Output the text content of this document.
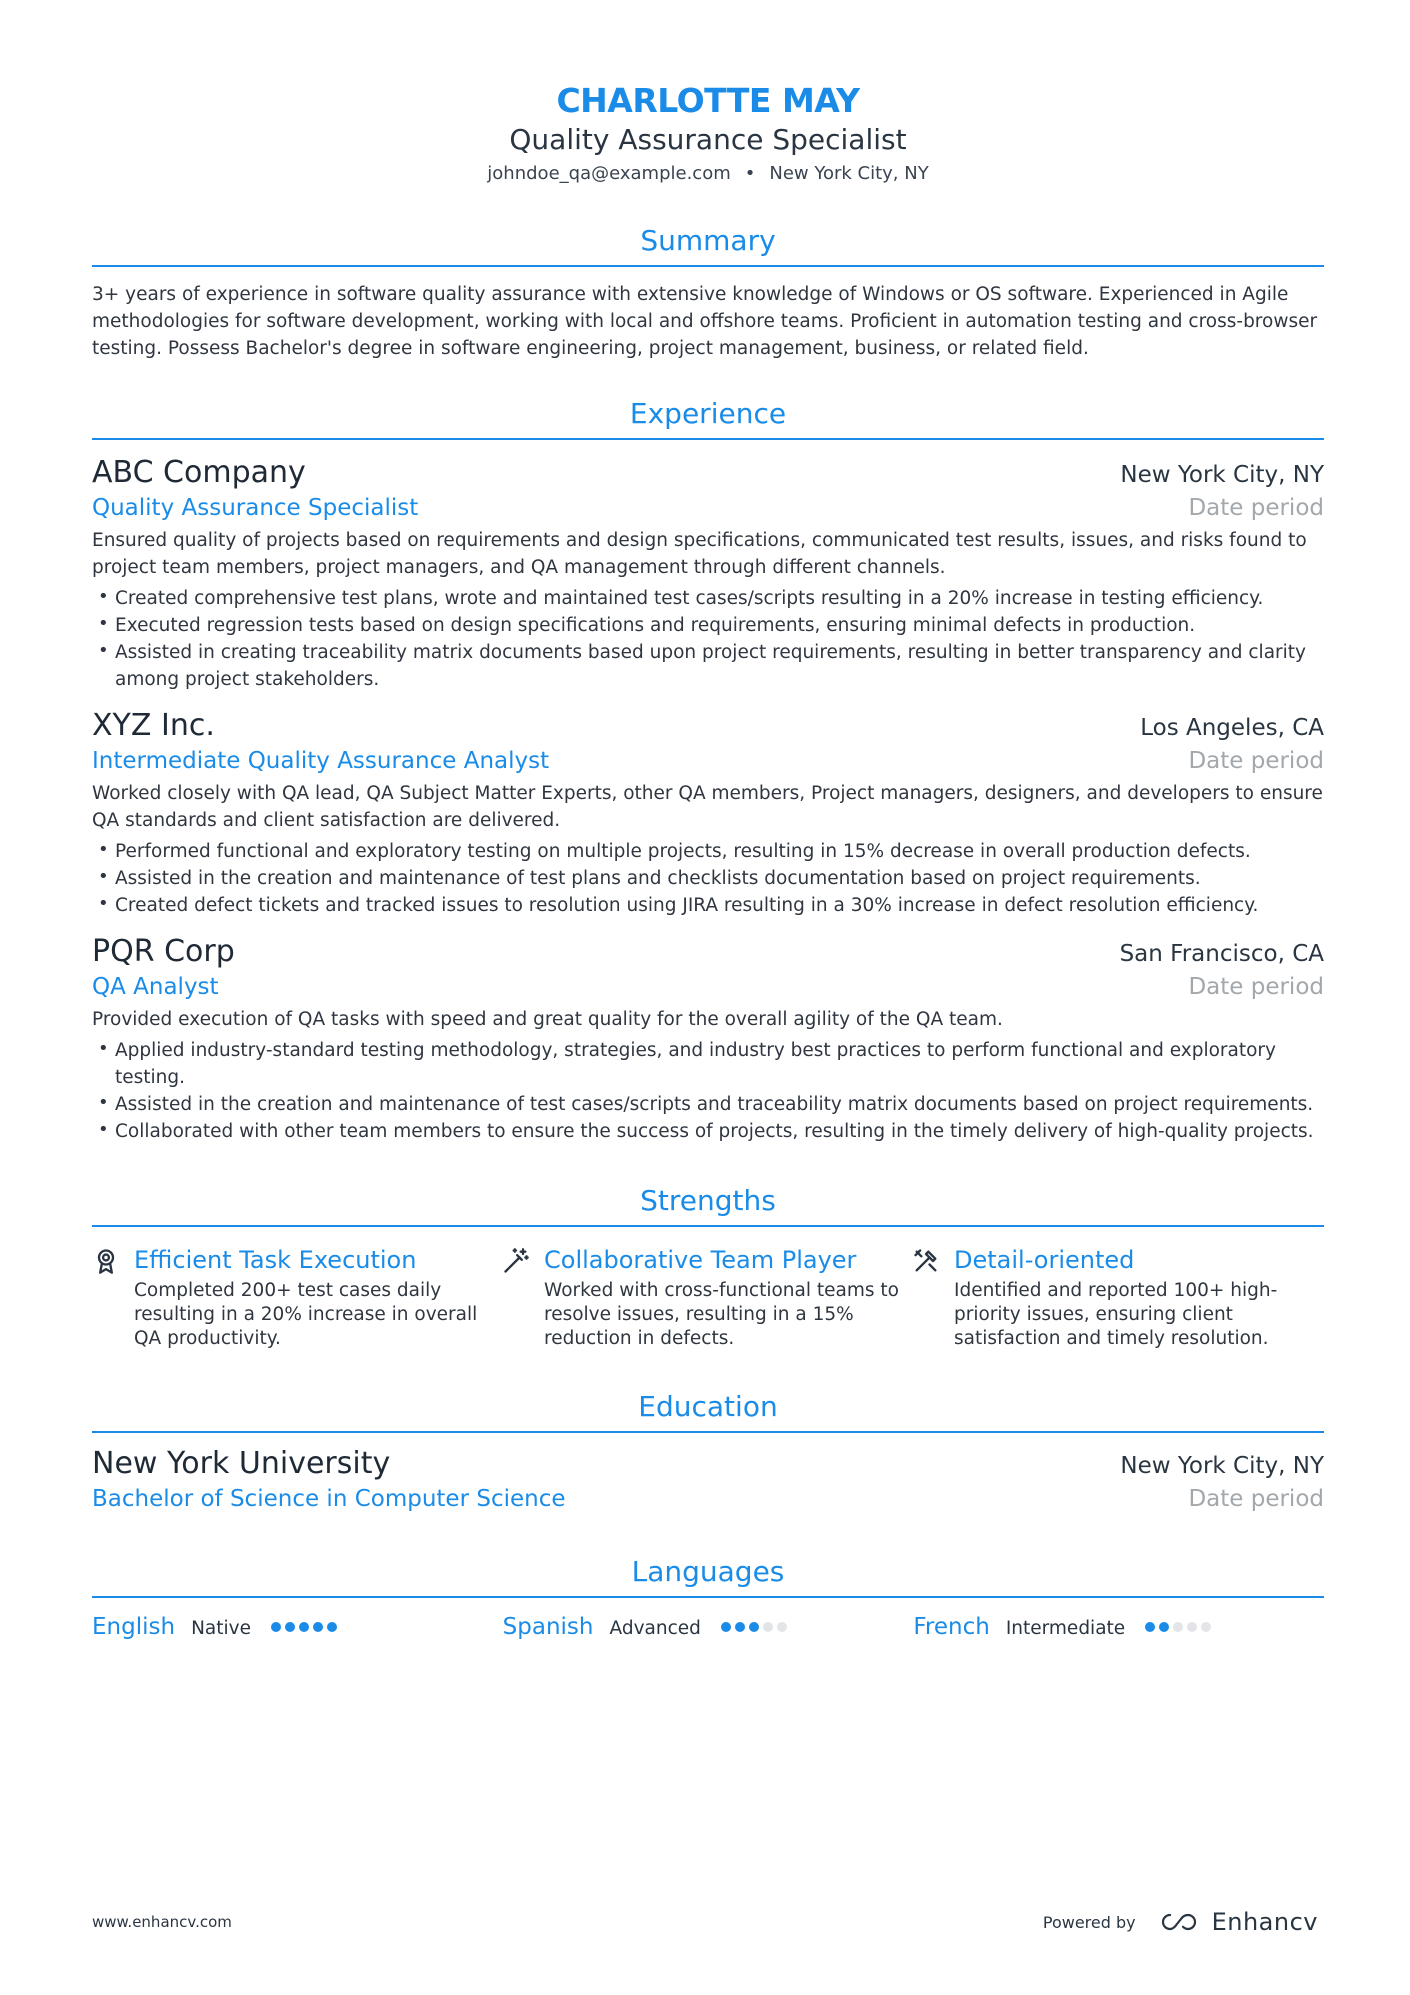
CHARLOTTE MAY
Quality Assurance Specialist
johndoe_qa@example.com • New York City, NY
Summary
3+ years of experience in software quality assurance with extensive knowledge of Windows or OS software. Experienced in Agile methodologies for software development, working with local and offshore teams. Proficient in automation testing and cross-browser testing. Possess Bachelor's degree in software engineering, project management, business, or related field.
Experience
ABC Company	New York City, NY
Quality Assurance Specialist	Date period
Ensured quality of projects based on requirements and design specifications, communicated test results, issues, and risks found to project team members, project managers, and QA management through different channels.
• Created comprehensive test plans, wrote and maintained test cases/scripts resulting in a 20% increase in testing efficiency.
• Executed regression tests based on design specifications and requirements, ensuring minimal defects in production.
• Assisted in creating traceability matrix documents based upon project requirements, resulting in better transparency and clarity among project stakeholders.
XYZ Inc.	Los Angeles, CA
Intermediate Quality Assurance Analyst	Date period
Worked closely with QA lead, QA Subject Matter Experts, other QA members, Project managers, designers, and developers to ensure QA standards and client satisfaction are delivered.
• Performed functional and exploratory testing on multiple projects, resulting in 15% decrease in overall production defects.
• Assisted in the creation and maintenance of test plans and checklists documentation based on project requirements.
• Created defect tickets and tracked issues to resolution using JIRA resulting in a 30% increase in defect resolution efficiency.
PQR Corp	San Francisco, CA
QA Analyst	Date period
Provided execution of QA tasks with speed and great quality for the overall agility of the QA team.
• Applied industry-standard testing methodology, strategies, and industry best practices to perform functional and exploratory testing.
• Assisted in the creation and maintenance of test cases/scripts and traceability matrix documents based on project requirements.
• Collaborated with other team members to ensure the success of projects, resulting in the timely delivery of high-quality projects.
Strengths
Efficient Task Execution
Completed 200+ test cases daily resulting in a 20% increase in overall QA productivity.
Collaborative Team Player
Worked with cross-functional teams to resolve issues, resulting in a 15% reduction in defects.
Detail-oriented
Identified and reported 100+ high-priority issues, ensuring client satisfaction and timely resolution.
Education
New York University	New York City, NY
Bachelor of Science in Computer Science	Date period
Languages
English Native	Spanish Advanced	French Intermediate
www.enhancv.com	Powered by	Enhancv
